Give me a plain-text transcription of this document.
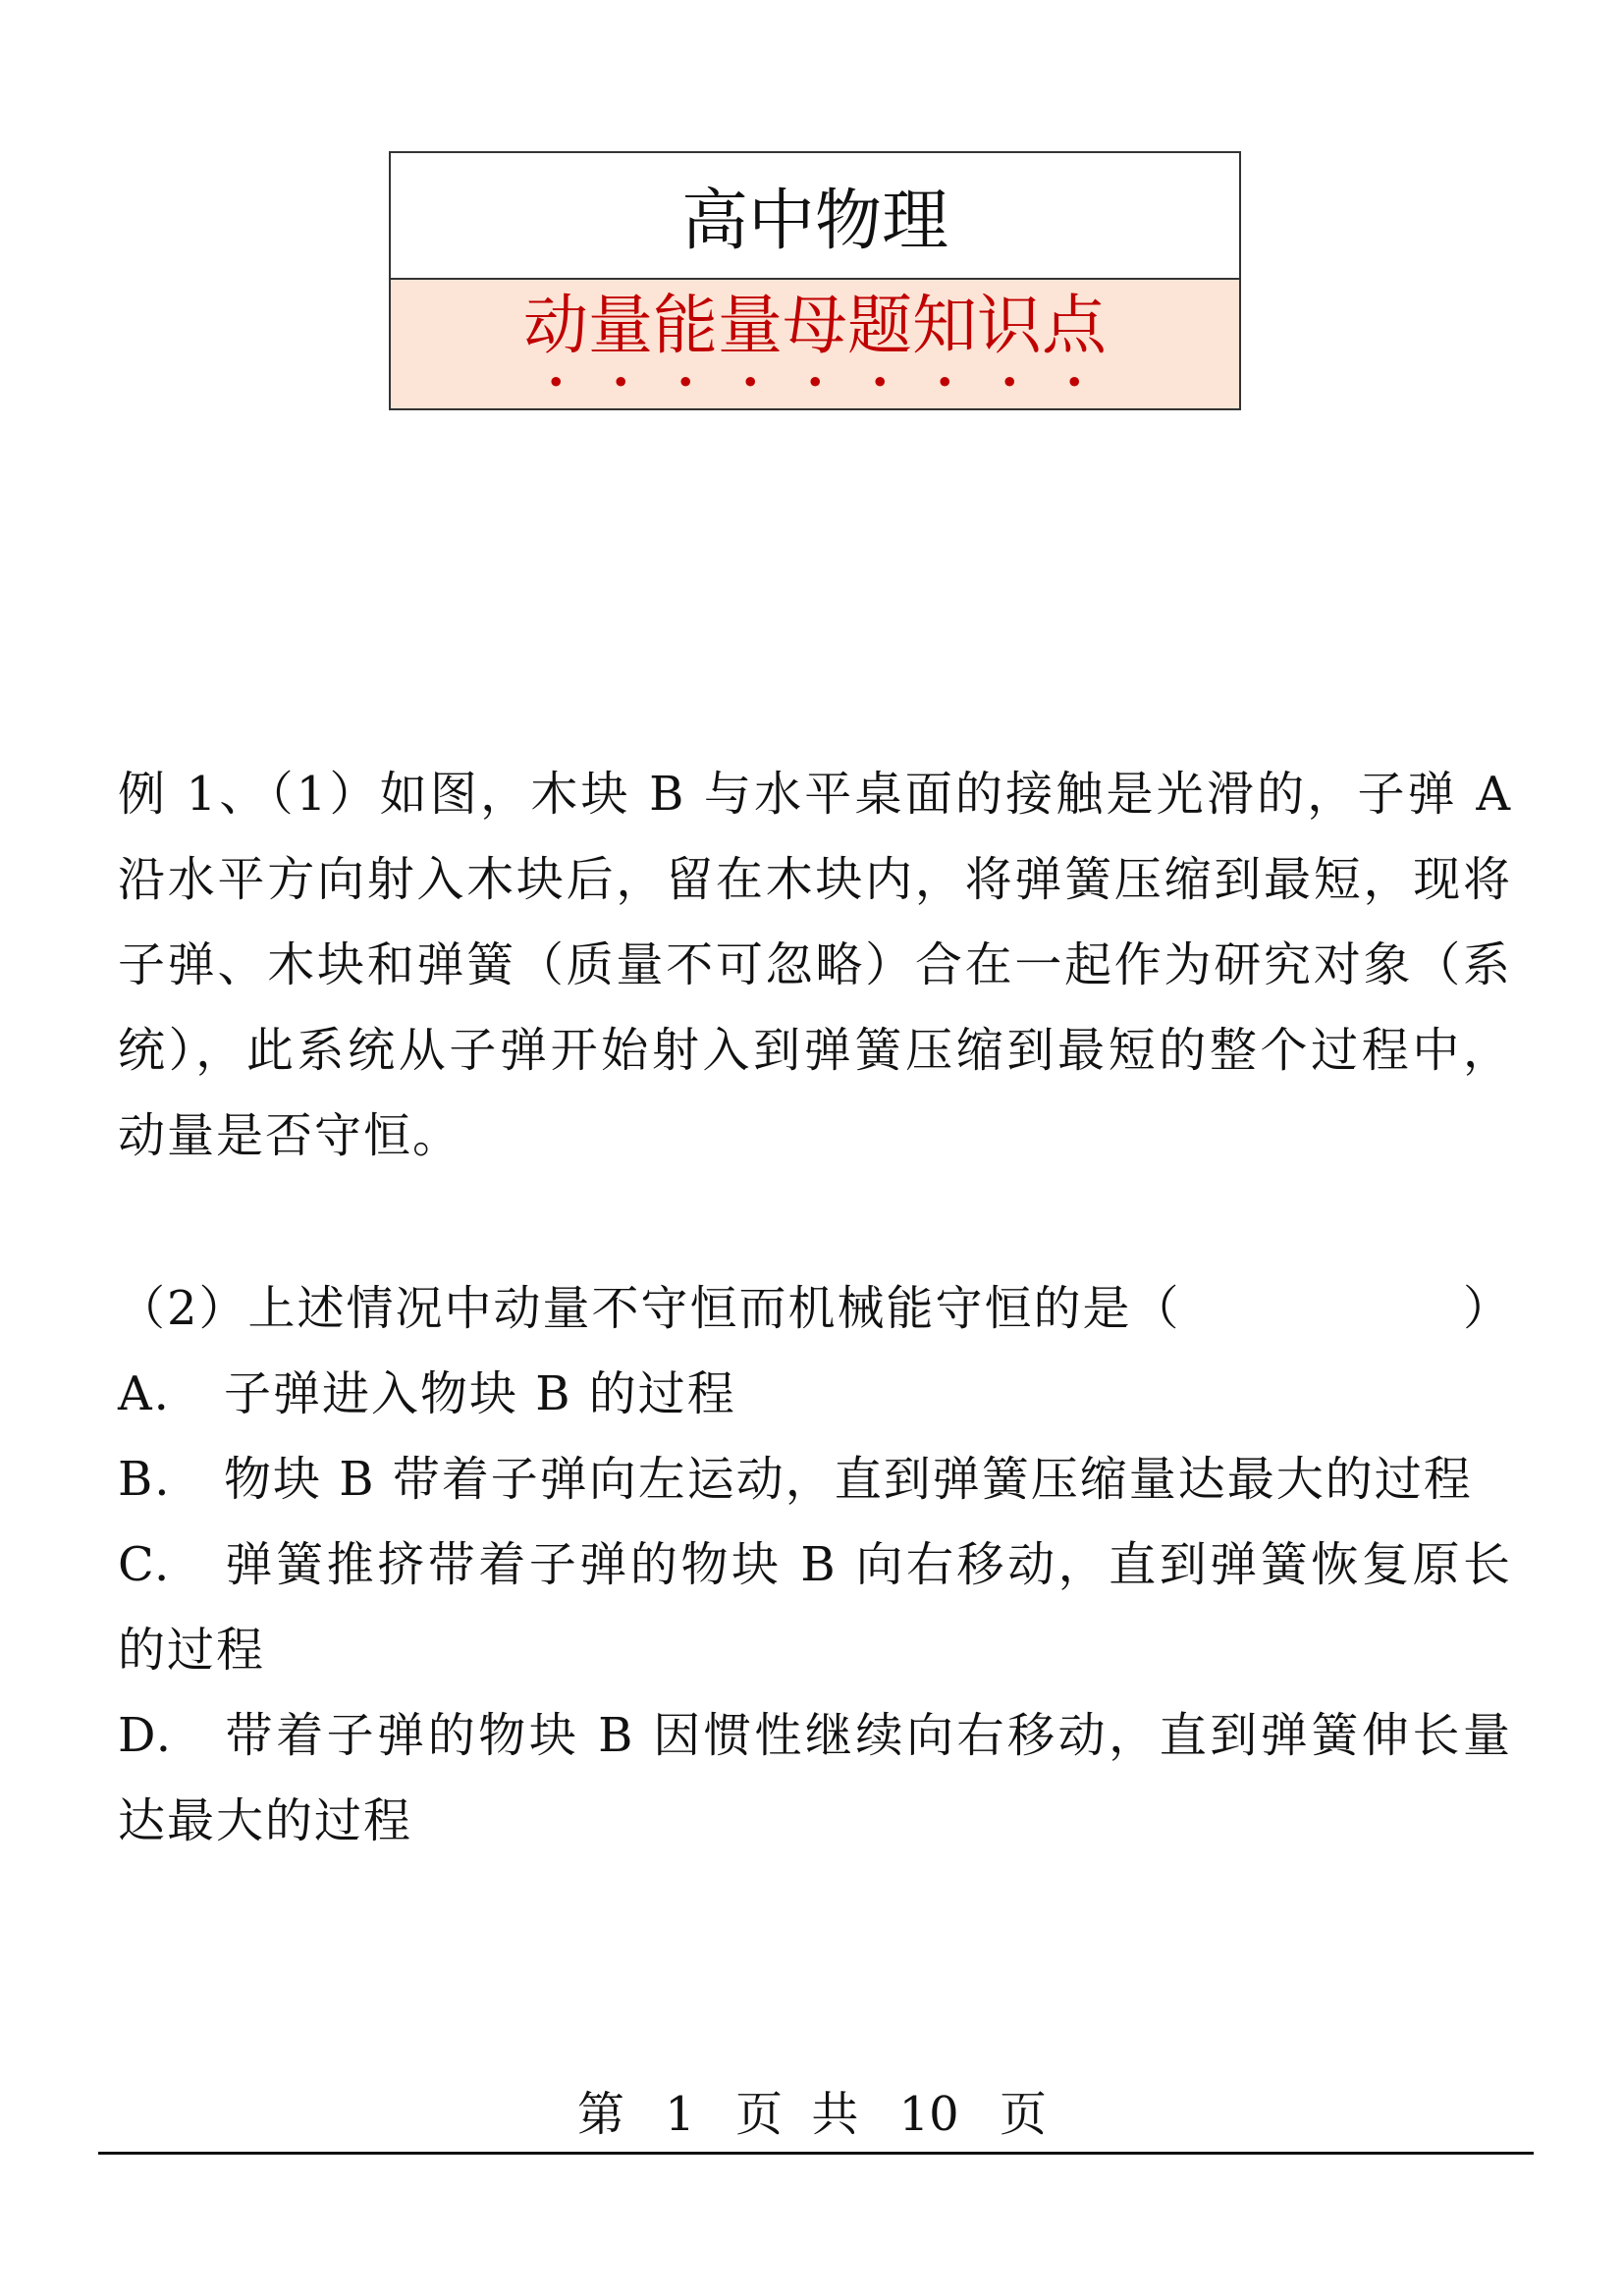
高中物理
动量能量母题知识点
例 1、（1）如图，木块 B 与水平桌面的接触是光滑的，子弹 A 沿水平方向射入木块后，留在木块内，将弹簧压缩到最短，现将子弹、木块和弹簧（质量不可忽略）合在一起作为研究对象（系统），此系统从子弹开始射入到弹簧压缩到最短的整个过程中，动量是否守恒。
（2）上述情况中动量不守恒而机械能守恒的是（	）
A. 子弹进入物块 B 的过程
B. 物块 B 带着子弹向左运动，直到弹簧压缩量达最大的过程
C. 弹簧推挤带着子弹的物块 B 向右移动，直到弹簧恢复原长的过程
D. 带着子弹的物块 B 因惯性继续向右移动，直到弹簧伸长量达最大的过程
第 1 页 共 10 页
